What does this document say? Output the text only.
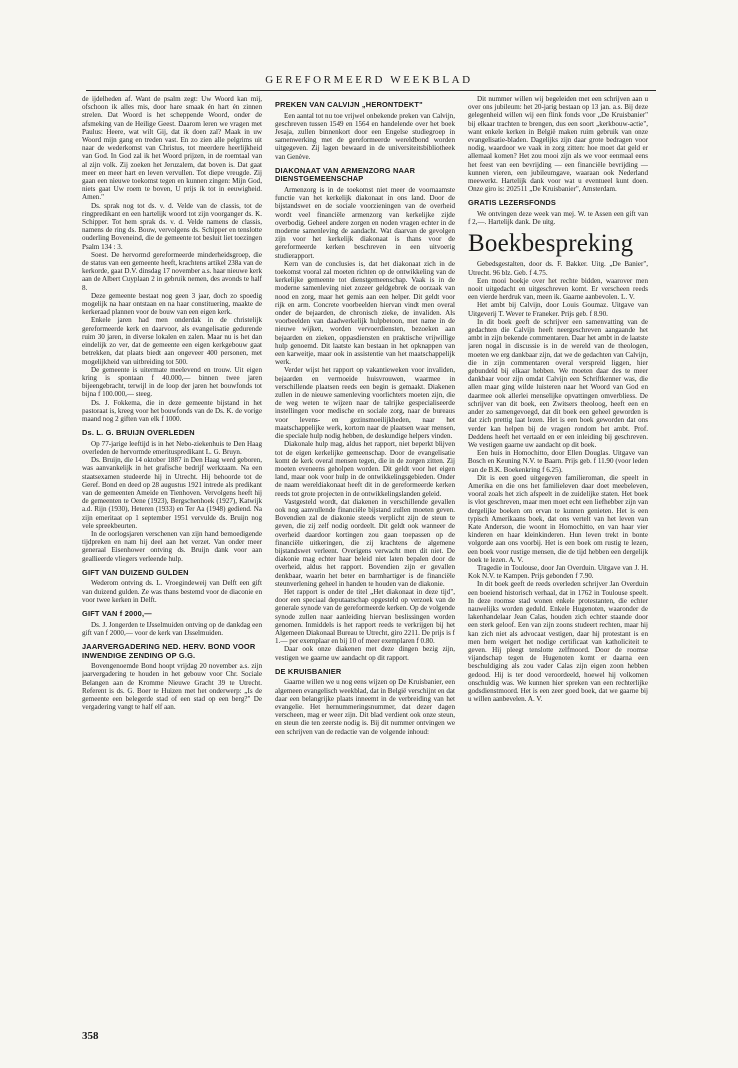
GEREFORMEERD WEEKBLAD

de ijdelheden af. Want de psalm zegt: Uw Woord kan mij, ofschoon ik alles mis, door hare smaak én hart én zinnen strelen. Dat Woord is het scheppende Woord, onder de afsmeking van de Heilige Geest. Daarom leren we vragen met Paulus: Heere, wat wilt Gij, dat ik doen zal? Maak in uw Woord mijn gang en treden vast. En zo zien alle pelgrims uit naar de wederkomst van Christus, tot meerdere heerlijkheid van God. In God zal ik het Woord prijzen, in de roemtaal van al zijn volk. Zij zoeken het Jeruzalem, dat boven is. Dat gaat meer en meer hart en leven vervullen. Tot diepe vreugde. Zij gaan een nieuwe toekomst tegen en kunnen zingen: Mijn God, niets gaat Uw roem te boven, U prijs ik tot in eeuwigheid. Amen."

Ds. sprak nog tot ds. v. d. Velde van de classis, tot de ringpredikant en een hartelijk woord tot zijn voorganger ds. K. Schipper. Tot hem sprak ds. v. d. Velde namens de classis, namens de ring ds. Bouw, vervolgens ds. Schipper en tenslotte ouderling Boveneind, die de gemeente tot besluit liet toezingen Psalm 134 : 3.

Soest. De hervormd gereformeerde minderheidsgroep, die de status van een gemeente heeft, krachtens artikel 238a van de kerkorde, gaat D.V. dinsdag 17 november a.s. haar nieuwe kerk aan de Albert Cuyplaan 2 in gebruik nemen, des avonds te half 8.

Deze gemeente bestaat nog geen 3 jaar, doch zo spoedig mogelijk na haar ontstaan en na haar constituering, maakte de kerkeraad plannen voor de bouw van een eigen kerk.

Enkele jaren had men onderdak in de christelijk gereformeerde kerk en daarvoor, als evangelisatie gedurende ruim 30 jaren, in diverse lokalen en zalen. Maar nu is het dan eindelijk zo ver, dat de gemeente een eigen kerkgebouw gaat betrekken, dat plaats biedt aan ongeveer 400 personen, met mogelijkheid van uitbreiding tot 500.

De gemeente is uitermate meelevend en trouw. Uit eigen kring is spontaan f 40.000,— binnen twee jaren bijeengebracht, terwijl in de loop der jaren het bouwfonds tot bijna f 100.000,— steeg.

Ds. J. Fokkema, die in deze gemeente bijstand in het pastoraat is, kreeg voor het bouwfonds van de Ds. K. de vorige maand nog 2 giften van elk f 1000.

Ds. L. G. BRUIJN OVERLEDEN

Op 77-jarige leeftijd is in het Nebo-ziekenhuis te Den Haag overleden de hervormde emerituspredikant L. G. Bruyn.

Ds. Bruijn, die 14 oktober 1887 in Den Haag werd geboren, was aanvankelijk in het grafische bedrijf werkzaam. Na een staatsexamen studeerde hij in Utrecht. Hij behoorde tot de Geref. Bond en deed op 28 augustus 1921 intrede als predikant van de gemeenten Ameide en Tienhoven. Vervolgens heeft hij de gemeenten te Oene (1923), Bergschenhoek (1927), Katwijk a.d. Rijn (1930), Heteren (1933) en Ter Aa (1948) gediend. Na zijn emeritaat op 1 september 1951 vervulde ds. Bruijn nog vele spreekbeurten.

In de oorlogsjaren verschenen van zijn hand bemoedigende tijdpreken en nam hij deel aan het verzet. Van onder meer generaal Eisenhower ontving ds. Bruijn dank voor aan geallieerde vliegers verleende hulp.

GIFT VAN DUIZEND GULDEN

Wederom ontving ds. L. Vroegindeweij van Delft een gift van duizend gulden. Ze was thans bestemd voor de diaconie en voor twee kerken in Delft.

GIFT VAN f 2000,—

Ds. J. Jongerden te IJsselmuiden ontving op de dankdag een gift van f 2000,— voor de kerk van IJsselmuiden.

JAARVERGADERING NED. HERV. BOND VOOR INWENDIGE ZENDING OP G.G.

Bovengenoemde Bond hoopt vrijdag 20 november a.s. zijn jaarvergadering te houden in het gebouw voor Chr. Sociale Belangen aan de Kromme Nieuwe Gracht 39 te Utrecht. Referent is ds. G. Boer te Huizen met het onderwerp: „Is de gemeente een belegerde stad of een stad op een berg?" De vergadering vangt te half elf aan.

PREKEN VAN CALVIJN „HERONTDEKT"

Een aantal tot nu toe vrijwel onbekende preken van Calvijn, geschreven tussen 1549 en 1564 en handelende over het boek Jesaja, zullen binnenkort door een Engelse studiegroep in samenwerking met de gereformeerde wereldbond worden uitgegeven. Zij lagen bewaard in de universiteitsbibliotheek van Genève.

DIAKONAAT VAN ARMENZORG NAAR DIENSTGEMEENSCHAP

Armenzorg is in de toekomst niet meer de voornaamste functie van het kerkelijk diakonaat in ons land. Door de bijstandswet en de sociale voorzieningen van de overheid wordt veel financiële armenzorg van kerkelijke zijde overbodig. Geheel andere zorgen en noden vragen echter in de moderne samenleving de aandacht. Wat daarvan de gevolgen zijn voor het kerkelijk diakonaat is thans voor de gereformeerde kerken beschreven in een uitvoerig studierapport.

Kern van de conclusies is, dat het diakonaat zich in de toekomst vooral zal moeten richten op de ontwikkeling van de kerkelijke gemeente tot dienstgemeenschap. Vaak is in de moderne samenleving niet zozeer geldgebrek de oorzaak van nood en zorg, maar het gemis aan een helper. Dit geldt voor rijk en arm. Concrete voorbeelden hiervan vindt men overal onder de bejaarden, de chronisch zieke, de invaliden. Als voorbeelden van daadwerkelijk hulpbetoon, met name in de nieuwe wijken, worden vervoerdiensten, bezoeken aan bejaarden en zieken, oppasdiensten en praktische vrijwillige hulp genoemd. Dit laatste kan bestaan in het opknappen van een karweitje, maar ook in assistentie van het maatschappelijk werk.

Verder wijst het rapport op vakantieweken voor invaliden, bejaarden en vermoeide huisvrouwen, waarmee in verschillende plaatsen reeds een begin is gemaakt. Diakenen zullen in de nieuwe samenleving voorlichters moeten zijn, die de weg weten te wijzen naar de talrijke gespecialiseerde instellingen voor medische en sociale zorg, naar de bureaus voor levens- en gezinsmoeilijkheden, naar het maatschappelijke werk, kortom naar de plaatsen waar mensen, die speciale hulp nodig hebben, de deskundige helpers vinden.

Diakonale hulp mag, aldus het rapport, niet beperkt blijven tot de eigen kerkelijke gemeenschap. Door de evangelisatie komt de kerk overal mensen tegen, die in de zorgen zitten. Zij moeten eveneens geholpen worden. Dit geldt voor het eigen land, maar ook voor hulp in de ontwikkelingsgebieden. Onder de naam wereldiakonaat heeft dit in de gereformeerde kerken reeds tot grote projecten in de ontwikkelingslanden geleid.

Vastgesteld wordt, dat diakenen in verschillende gevallen ook nog aanvullende financiële bijstand zullen moeten geven. Bovendien zal de diakonie steeds verplicht zijn de steun te geven, die zij zelf nodig oordeelt. Dit geldt ook wanneer de overheid daardoor kortingen zou gaan toepassen op de financiële uitkeringen, die zij krachtens de algemene bijstandswet verleent. Overigens verwacht men dit niet. De diakonie mag echter haar beleid niet laten bepalen door de overheid, aldus het rapport. Bovendien zijn er gevallen denkbaar, waarin het beter en barmhartiger is de financiële steunverlening geheel in handen te houden van de diakonie.

Het rapport is onder de titel „Het diakonaat in deze tijd", door een speciaal deputaatschap opgesteld op verzoek van de generale synode van de gereformeerde kerken. Op de volgende synode zullen naar aanleiding hiervan beslissingen worden genomen. Inmiddels is het rapport reeds te verkrijgen bij het Algemeen Diakonaal Bureau te Utrecht, giro 2211. De prijs is f 1.— per exemplaar en bij 10 of meer exemplaren f 0.80.

Daar ook onze diakenen met deze dingen bezig zijn, vestigen we gaarne uw aandacht op dit rapport.

DE KRUISBANIER

Gaarne willen we u nog eens wijzen op De Kruisbanier, een algemeen evangelisch weekblad, dat in België verschijnt en dat daar een belangrijke plaats inneemt in de verbreiding van het evangelie. Het hernummeringsnummer, dat dezer dagen verscheen, mag er weer zijn. Dit blad verdient ook onze steun, en steun die ten zeerste nodig is. Bij dit nummer ontvingen we een schrijven van de redactie van de volgende inhoud:

Dit nummer willen wij begeleiden met een schrijven aan u over ons jubileum: het 20-jarig bestaan op 13 jan. a.s. Bij deze gelegenheid willen wij een flink fonds voor „De Kruisbanier" bij elkaar trachten te brengen, dus een soort „kerkbouw-actie", want enkele kerken in België maken ruim gebruik van onze evangelisatie-bladen. Dagelijks zijn daar grote bedragen voor nodig, waardoor we vaak in zorg zitten: hoe moet dat geld er allemaal komen? Het zou mooi zijn als we voor eenmaal eens het feest van een bevrijding — een financiële bevrijding — kunnen vieren, een jubileumgave, waaraan ook Nederland meewerkt. Hartelijk dank voor wat u eventueel kunt doen. Onze giro is: 202511 „De Kruisbanier", Amsterdam.

GRATIS LEZERSFONDS

We ontvingen deze week van mej. W. te Assen een gift van f 2,—. Hartelijk dank. De uitg.

Boekbespreking

Gebedsgestalten, door ds. F. Bakker. Uitg. „De Banier", Utrecht. 96 blz. Geb. f 4.75.

Een mooi boekje over het rechte bidden, waarover men nooit uitgedacht en uitgeschreven komt. Er verscheen reeds een vierde herdruk van, meen ik. Gaarne aanbevolen. L. V.

Het ambt bij Calvijn, door Louis Goumaz. Uitgave van Uitgeverij T. Wever te Franeker. Prijs geb. f 8.90.

In dit boek geeft de schrijver een samenvatting van de gedachten die Calvijn heeft neergeschreven aangaande het ambt in zijn bekende commentaren. Daar het ambt in de laatste jaren nogal in discussie is in de wereld van de theologen, moeten we erg dankbaar zijn, dat we de gedachten van Calvijn, die in zijn commentaren overal verspreid liggen, hier gebundeld bij elkaar hebben. We moeten daar des te meer dankbaar voor zijn omdat Calvijn een Schriftkenner was, die allen maar ging wilde luisteren naar het Woord van God en daarmee ook allerlei menselijke opvattingen omverbliess. De schrijver van dit boek, een Zwitsers theoloog, heeft een en ander zo samengevoegd, dat dit boek een geheel geworden is dat zich prettig laat lezen. Het is een boek geworden dat ons verder kan helpen bij de vragen rondom het ambt. Prof. Deddens heeft het vertaald en er een inleiding bij geschreven. We vestigen gaarne uw aandacht op dit boek.

Een huis in Homochitto, door Ellen Douglas. Uitgave van Bosch en Keuning N.V. te Baarn. Prijs geb. f 11.90 (voor leden van de B.K. Boekenkring f 6.25).

Dit is een goed uitgegeven familieroman, die speelt in Amerika en die ons het familieleven daar doet meebeleven, vooral zoals het zich afspeelt in de zuidelijke staten. Het boek is vlot geschreven, maar men moet echt een liefhebber zijn van dergelijke boeken om ervan te kunnen genieten. Het is een typisch Amerikaans boek, dat ons vertelt van het leven van Kate Anderson, die woont in Homochitto, en van haar vier kinderen en haar kleinkinderen. Hun leven trekt in bonte volgorde aan ons voorbij. Het is een boek om rustig te lezen, een boek voor rustige mensen, die de tijd hebben een dergelijk boek te lezen. A. V.

Tragedie in Toulouse, door Jan Overduin. Uitgave van J. H. Kok N.V. te Kampen. Prijs gebonden f 7.90.

In dit boek geeft de reeds overleden schrijver Jan Overduin een boeiend historisch verhaal, dat in 1762 in Toulouse speelt. In deze roomse stad wonen enkele protestanten, die echter nauwelijks worden geduld. Enkele Hugenoten, waaronder de lakenhandelaar Jean Calas, houden zich echter staande door een sterk geloof. Een van zijn zoons studeert rechten, maar hij kan zich niet als advocaat vestigen, daar hij protestant is en men hem weigert het nodige certificaat van katholiciteit te geven. Hij pleegt tenslotte zelfmoord. Door de roomse vijandschap tegen de Hugenoten komt er daarna een beschuldiging als zou vader Calas zijn eigen zoon hebben gedood. Hij is ter dood veroordeeld, hoewel hij volkomen onschuldig was. We kunnen hier spreken van een rechterlijke godsdienstmoord. Het is een zeer goed boek, dat we gaarne bij u willen aanbevelen. A. V.

358
